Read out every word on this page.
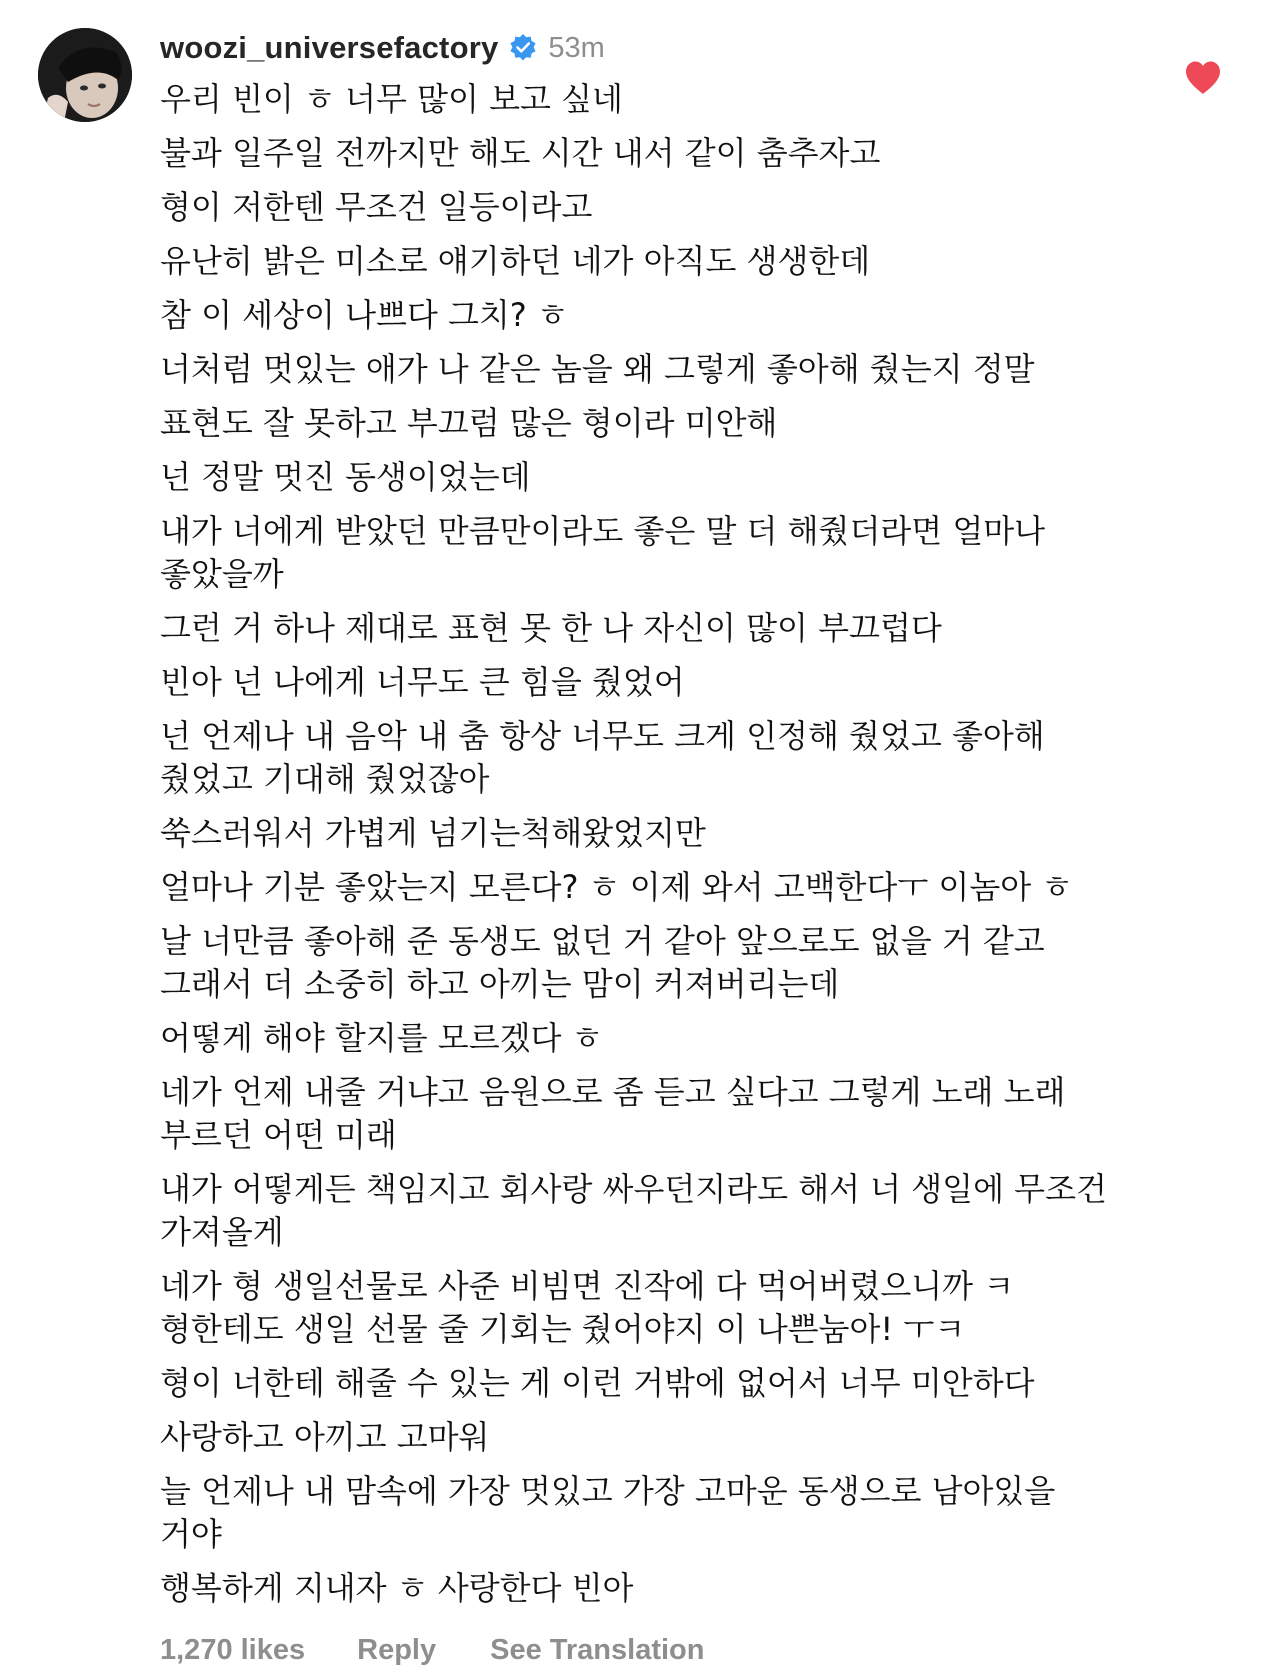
woozi_universefactory 53m

우리 빈이 ㅎ 너무 많이 보고 싶네

불과 일주일 전까지만 해도 시간 내서 같이 춤추자고

형이 저한텐 무조건 일등이라고

유난히 밝은 미소로 얘기하던 네가 아직도 생생한데

참 이 세상이 나쁘다 그치? ㅎ

너처럼 멋있는 애가 나 같은 놈을 왜 그렇게 좋아해 줬는지 정말

표현도 잘 못하고 부끄럼 많은 형이라 미안해

넌 정말 멋진 동생이었는데

내가 너에게 받았던 만큼만이라도 좋은 말 더 해줬더라면 얼마나 좋았을까

그런 거 하나 제대로 표현 못 한 나 자신이 많이 부끄럽다

빈아 넌 나에게 너무도 큰 힘을 줬었어

넌 언제나 내 음악 내 춤 항상 너무도 크게 인정해 줬었고 좋아해 줬었고 기대해 줬었잖아

쑥스러워서 가볍게 넘기는척해왔었지만

얼마나 기분 좋았는지 모른다? ㅎ 이제 와서 고백한다ㅜ 이놈아 ㅎ

날 너만큼 좋아해 준 동생도 없던 거 같아 앞으로도 없을 거 같고 그래서 더 소중히 하고 아끼는 맘이 커져버리는데

어떻게 해야 할지를 모르겠다 ㅎ

네가 언제 내줄 거냐고 음원으로 좀 듣고 싶다고 그렇게 노래 노래 부르던 어떤 미래

내가 어떻게든 책임지고 회사랑 싸우던지라도 해서 너 생일에 무조건 가져올게

네가 형 생일선물로 사준 비빔면 진작에 다 먹어버렸으니까 ㅋ 형한테도 생일 선물 줄 기회는 줬어야지 이 나쁜눔아! ㅜㅋ

형이 너한테 해줄 수 있는 게 이런 거밖에 없어서 너무 미안하다

사랑하고 아끼고 고마워

늘 언제나 내 맘속에 가장 멋있고 가장 고마운 동생으로 남아있을 거야

행복하게 지내자 ㅎ 사랑한다 빈아

1,270 likes Reply See Translation
